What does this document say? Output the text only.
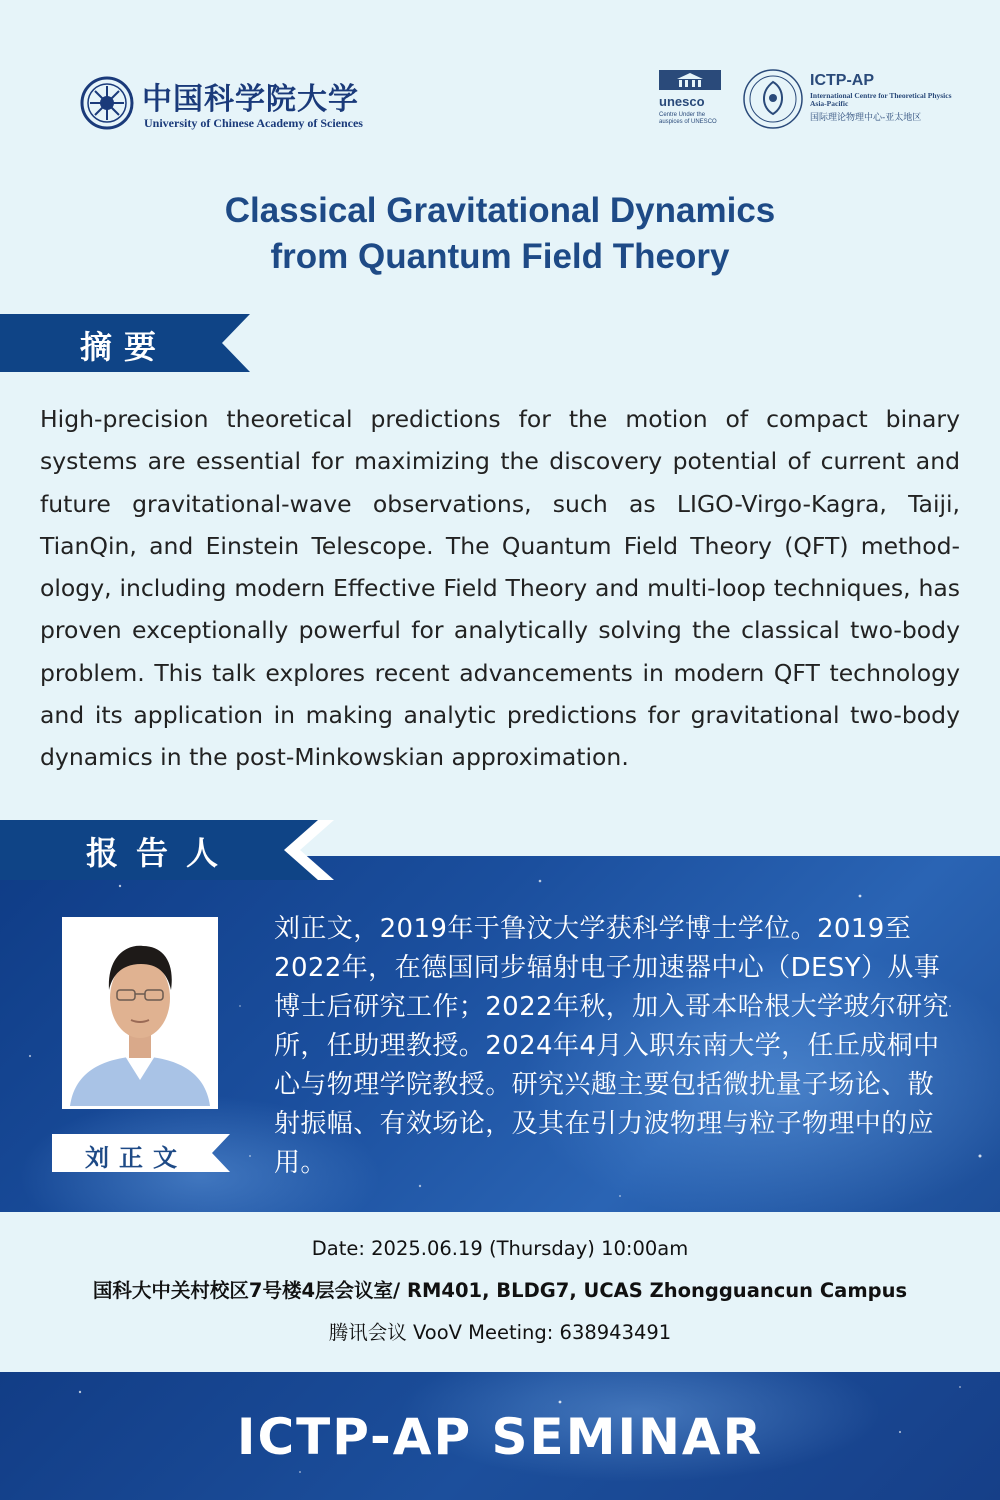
中国科学院大学
University of Chinese Academy of Sciences
unesco
Centre Under the auspices of UNESCO
ICTP-AP
International Centre for Theoretical Physics Asia-Pacific
国际理论物理中心-亚太地区
Classical Gravitational Dynamics
from Quantum Field Theory
摘要
High-precision theoretical predictions for the motion of compact binary systems are essential for maximizing the discovery potential of current and future gravitational-wave observations, such as LIGO-Virgo-Kagra, Taiji, TianQin, and Einstein Telescope. The Quantum Field Theory (QFT) methodology, including modern Effective Field Theory and multi-loop techniques, has proven exceptionally powerful for analytically solving the classical two-body problem. This talk explores recent advancements in modern QFT technology and its application in making analytic predictions for gravitational two-body dynamics in the post-Minkowskian approximation.
报告人
刘正文
刘正文，2019年于鲁汶大学获科学博士学位。2019至2022年，在德国同步辐射电子加速器中心（DESY）从事博士后研究工作；2022年秋，加入哥本哈根大学玻尔研究所，任助理教授。2024年4月入职东南大学，任丘成桐中心与物理学院教授。研究兴趣主要包括微扰量子场论、散射振幅、有效场论，及其在引力波物理与粒子物理中的应用。
Date: 2025.06.19 (Thursday) 10:00am
国科大中关村校区7号楼4层会议室/ RM401, BLDG7, UCAS Zhongguancun Campus
腾讯会议 VooV Meeting: 638943491
ICTP-AP SEMINAR
